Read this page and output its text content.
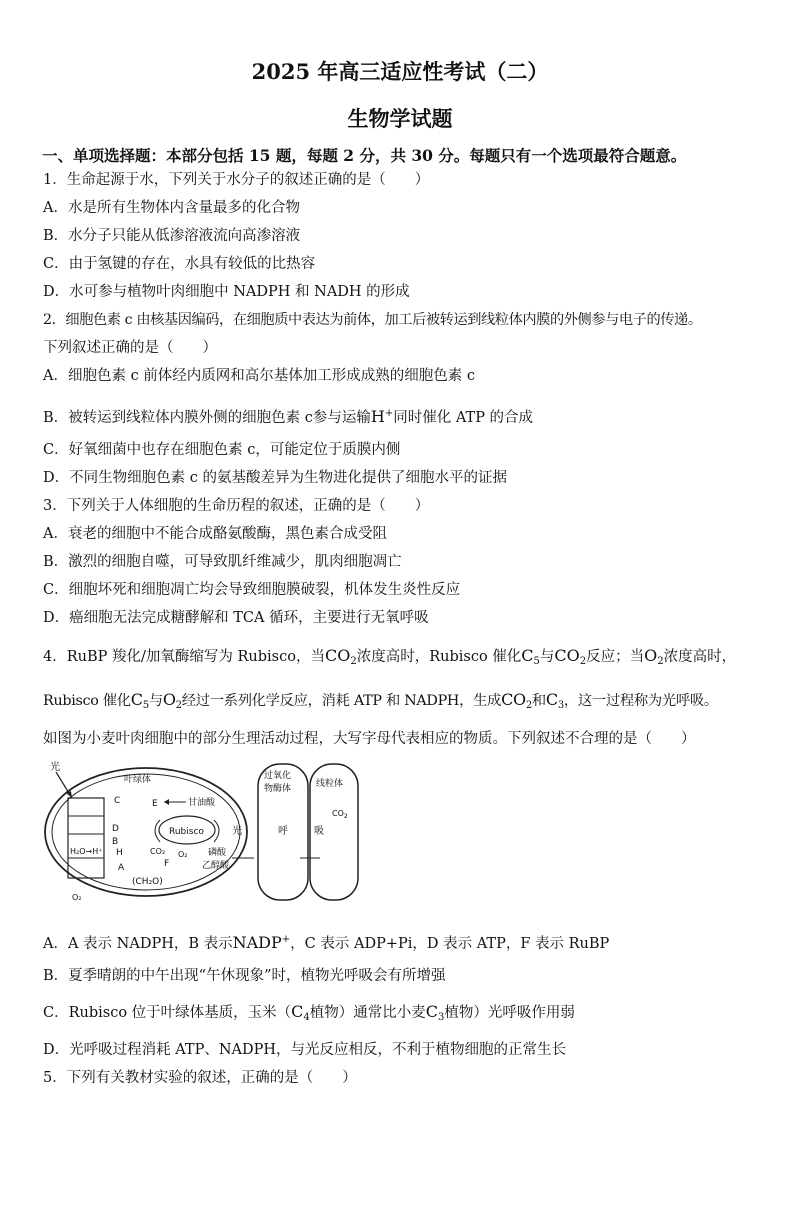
2025 年高三适应性考试（二）
生物学试题
一、单项选择题：本部分包括 15 题，每题 2 分，共 30 分。每题只有一个选项最符合题意。
1．生命起源于水，下列关于水分子的叙述正确的是（　　）
A．水是所有生物体内含量最多的化合物
B．水分子只能从低渗溶液流向高渗溶液
C．由于氢键的存在，水具有较低的比热容
D．水可参与植物叶肉细胞中 NADPH 和 NADH 的形成
2．细胞色素 c 由核基因编码，在细胞质中表达为前体，加工后被转运到线粒体内膜的外侧参与电子的传递。
下列叙述正确的是（　　）
A．细胞色素 c 前体经内质网和高尔基体加工形成成熟的细胞色素 c
B．被转运到线粒体内膜外侧的细胞色素 c参与运输H+同时催化 ATP 的合成
C．好氧细菌中也存在细胞色素 c，可能定位于质膜内侧
D．不同生物细胞色素 c 的氨基酸差异为生物进化提供了细胞水平的证据
3．下列关于人体细胞的生命历程的叙述，正确的是（　　）
A．衰老的细胞中不能合成酪氨酸酶，黑色素合成受阻
B．激烈的细胞自噬，可导致肌纤维减少，肌肉细胞凋亡
C．细胞坏死和细胞凋亡均会导致细胞膜破裂，机体发生炎性反应
D．癌细胞无法完成糖酵解和 TCA 循环，主要进行无氧呼吸
4．RuBP 羧化/加氧酶缩写为 Rubisco，当$CO_2$浓度高时，Rubisco 催化$C_5$与$CO_2$反应；当$O_2$浓度高时，
Rubisco 催化$C_5$与$O_2$经过一系列化学反应，消耗 ATP 和 NADPH，生成$CO_2$和$C_3$，这一过程称为光呼吸。
如图为小麦叶肉细胞中的部分生理活动过程，大写字母代表相应的物质。下列叙述不合理的是（　　）
光
叶绿体
Rubisco
甘油酸
E
C
D
B
H
A	F
H₂O→H⁺	CO₂ O₂ 磷酸
乙醇酸
(CH₂O)
O₂
光
过氧化
物酶体
呼
线粒体
吸
$CO_2$
A．A 表示 NADPH，B 表示NADP+，C 表示 ADP+Pi，D 表示 ATP，F 表示 RuBP
B．夏季晴朗的中午出现“午休现象”时，植物光呼吸会有所增强
C．Rubisco 位于叶绿体基质，玉米（$C_4$植物）通常比小麦$C_3$植物）光呼吸作用弱
D．光呼吸过程消耗 ATP、NADPH，与光反应相反，不利于植物细胞的正常生长
5．下列有关教材实验的叙述，正确的是（　　）
